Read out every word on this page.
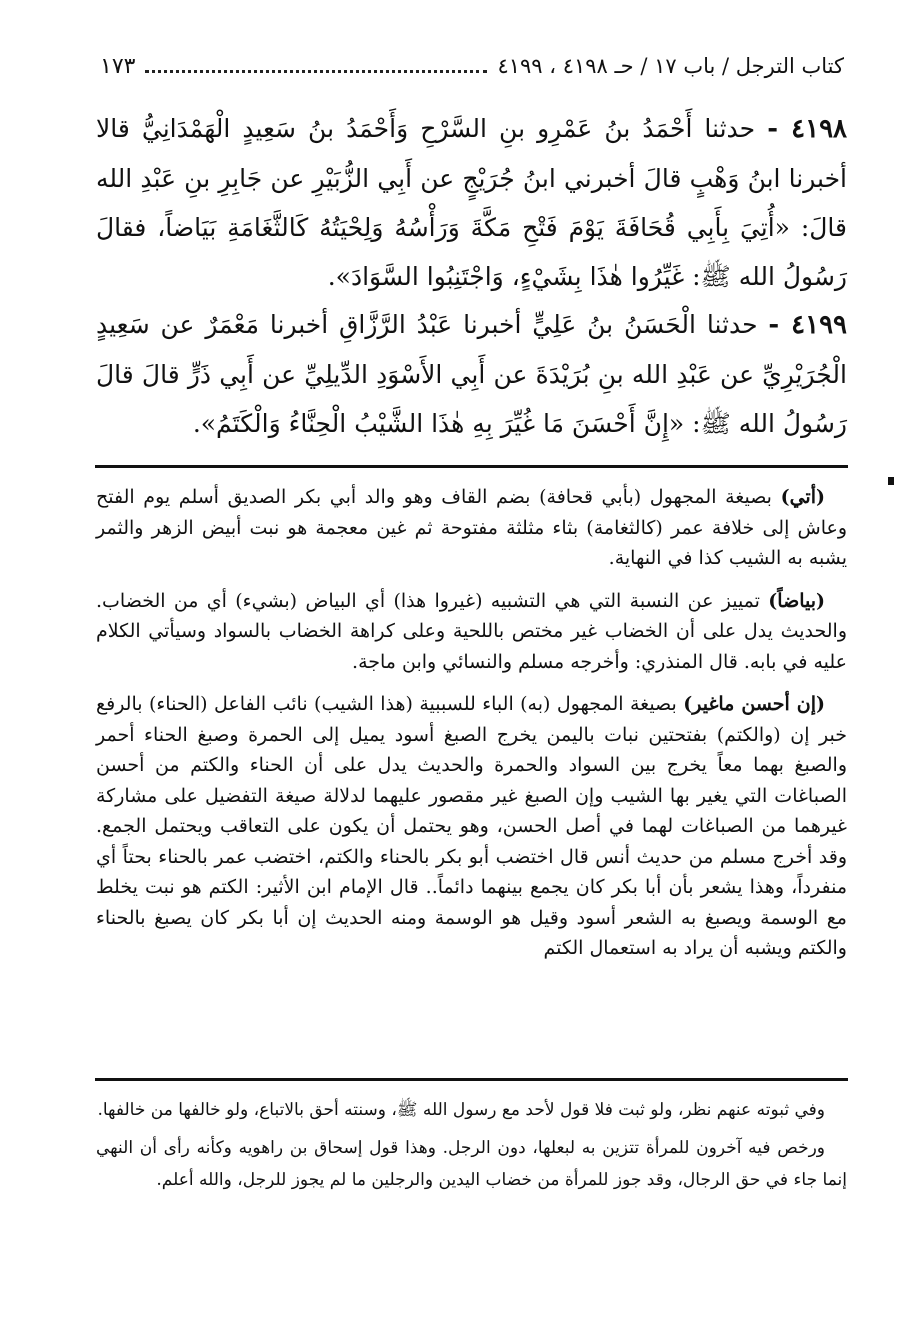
كتاب الترجل / باب ١٧ / حـ ٤١٩٨ ، ٤١٩٩
١٧٣
٤١٩٨ - حدثنا أَحْمَدُ بنُ عَمْرِو بنِ السَّرْحِ وَأَحْمَدُ بنُ سَعِيدٍ الْهَمْدَانِيُّ قالا أخبرنا ابنُ وَهْبٍ قالَ أخبرني ابنُ جُرَيْجٍ عن أَبِي الزُّبَيْرِ عن جَابِرِ بنِ عَبْدِ الله قالَ: «أُتِيَ بِأَبِي قُحَافَةَ يَوْمَ فَتْحِ مَكَّةَ وَرَأْسُهُ وَلِحْيَتُهُ كَالثَّغَامَةِ بَيَاضاً، فقالَ رَسُولُ الله ﷺ: غَيِّرُوا هٰذَا بِشَيْءٍ، وَاجْتَنِبُوا السَّوَادَ».
٤١٩٩ - حدثنا الْحَسَنُ بنُ عَلِيٍّ أخبرنا عَبْدُ الرَّزَّاقِ أخبرنا مَعْمَرٌ عن سَعِيدٍ الْجُرَيْرِيِّ عن عَبْدِ الله بنِ بُرَيْدَةَ عن أَبِي الأَسْوَدِ الدِّيلِيِّ عن أَبِي ذَرٍّ قالَ قالَ رَسُولُ الله ﷺ: «إِنَّ أَحْسَنَ مَا غُيِّرَ بِهِ هٰذَا الشَّيْبُ الْحِنَّاءُ وَالْكَتَمُ».

(أتي) بصيغة المجهول (بأبي قحافة) بضم القاف وهو والد أبي بكر الصديق أسلم يوم الفتح وعاش إلى خلافة عمر (كالثغامة) بثاء مثلثة مفتوحة ثم غين معجمة هو نبت أبيض الزهر والثمر يشبه به الشيب كذا في النهاية.

(بياضاً) تمييز عن النسبة التي هي التشبيه (غيروا هذا) أي البياض (بشيء) أي من الخضاب. والحديث يدل على أن الخضاب غير مختص باللحية وعلى كراهة الخضاب بالسواد وسيأتي الكلام عليه في بابه. قال المنذري: وأخرجه مسلم والنسائي وابن ماجة.

(إن أحسن ماغير) بصيغة المجهول (به) الباء للسببية (هذا الشيب) نائب الفاعل (الحناء) بالرفع خبر إن (والكتم) بفتحتين نبات باليمن يخرج الصبغ أسود يميل إلى الحمرة وصبغ الحناء أحمر والصبغ بهما معاً يخرج بين السواد والحمرة والحديث يدل على أن الحناء والكتم من أحسن الصباغات التي يغير بها الشيب وإن الصبغ غير مقصور عليهما لدلالة صيغة التفضيل على مشاركة غيرهما من الصباغات لهما في أصل الحسن، وهو يحتمل أن يكون على التعاقب ويحتمل الجمع. وقد أخرج مسلم من حديث أنس قال اختضب أبو بكر بالحناء والكتم، اختضب عمر بالحناء بحتاً أي منفرداً، وهذا يشعر بأن أبا بكر كان يجمع بينهما دائماً.. قال الإمام ابن الأثير: الكتم هو نبت يخلط مع الوسمة ويصبغ به الشعر أسود وقيل هو الوسمة ومنه الحديث إن أبا بكر كان يصبغ بالحناء والكتم ويشبه أن يراد به استعمال الكتم

وفي ثبوته عنهم نظر، ولو ثبت فلا قول لأحد مع رسول الله ﷺ، وسنته أحق بالاتباع، ولو خالفها من خالفها.

ورخص فيه آخرون للمرأة تتزين به لبعلها، دون الرجل. وهذا قول إسحاق بن راهويه وكأنه رأى أن النهي إنما جاء في حق الرجال، وقد جوز للمرأة من خضاب اليدين والرجلين ما لم يجوز للرجل، والله أعلم.
